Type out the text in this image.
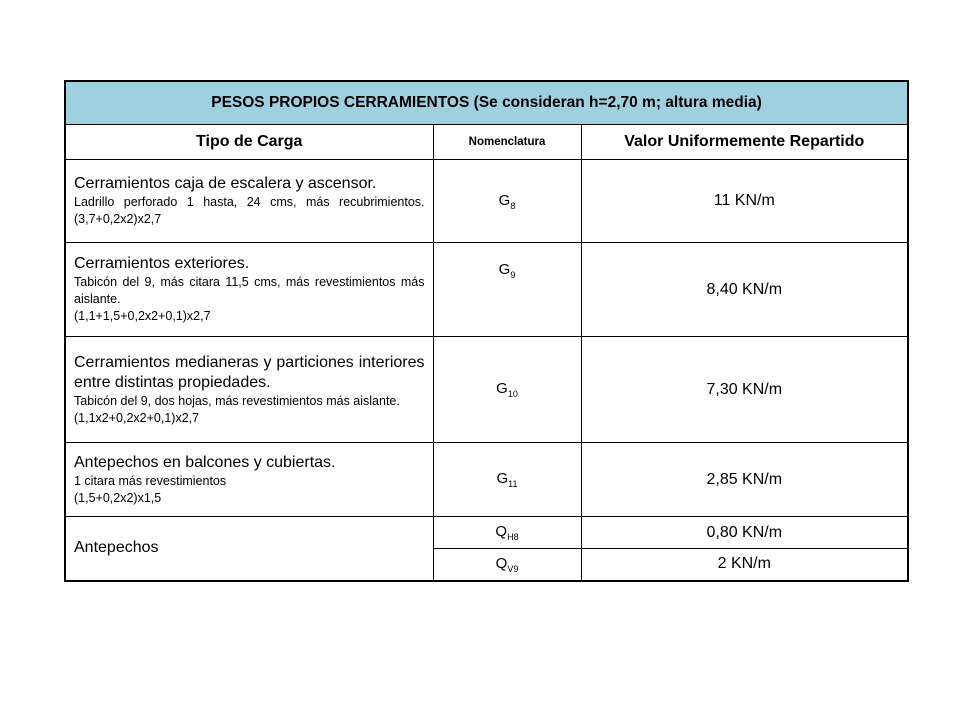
PESOS PROPIOS CERRAMIENTOS (Se consideran h=2,70 m; altura media)		
Tipo de Carga	Nomenclatura	Valor Uniformemente Repartido

Cerramientos caja de escalera y ascensor.
Ladrillo perforado 1 hasta, 24 cms, más recubrimientos. (3,7+0,2x2)x2,7	$G_8$	11 KN/m

Cerramientos exteriores.
Tabicón del 9, más citara 11,5 cms, más revestimientos más aislante.
(1,1+1,5+0,2x2+0,1)x2,7	$G_9$	8,40 KN/m

Cerramientos medianeras y particiones interiores entre distintas propiedades.
Tabicón del 9, dos hojas, más revestimientos más aislante.
(1,1x2+0,2x2+0,1)x2,7	$G_{10}$	7,30 KN/m

Antepechos en balcones y cubiertas.
1 citara más revestimientos
(1,5+0,2x2)x1,5	$G_{11}$	2,85 KN/m
Antepechos	$Q_{H8}$	0,80 KN/m
	$Q_{V9}$	2 KN/m
